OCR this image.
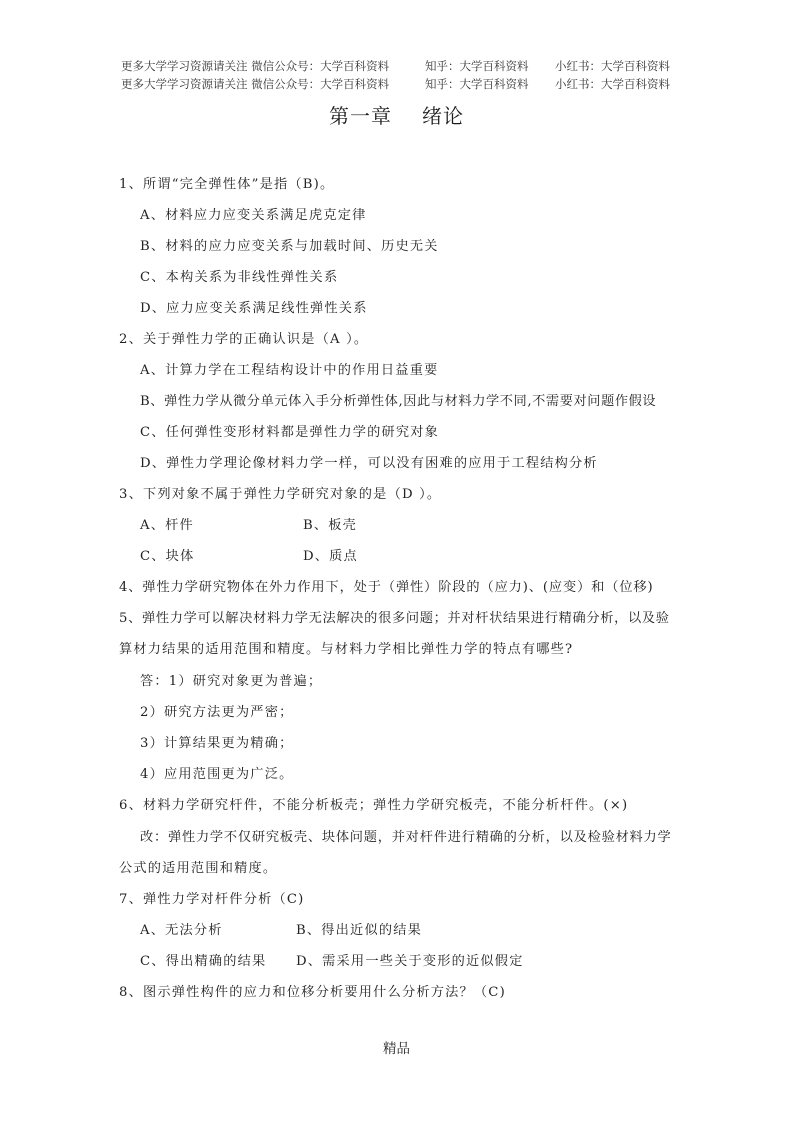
更多大学学习资源请关注 微信公众号：大学百科资料	知乎：大学百科资料 小红书：大学百科资料
更多大学学习资源请关注 微信公众号：大学百科资料	知乎：大学百科资料 小红书：大学百科资料
第一章 绪论
1、所谓“完全弹性体”是指（B)。
A、材料应力应变关系满足虎克定律
B、材料的应力应变关系与加载时间、历史无关
C、本构关系为非线性弹性关系
D、应力应变关系满足线性弹性关系
2、关于弹性力学的正确认识是（A ）。
A、计算力学在工程结构设计中的作用日益重要
B、弹性力学从微分单元体入手分析弹性体,因此与材料力学不同,不需要对问题作假设
C、任何弹性变形材料都是弹性力学的研究对象
D、弹性力学理论像材料力学一样，可以没有困难的应用于工程结构分析
3、下列对象不属于弹性力学研究对象的是（D ）。
A、杆件	B、板壳
C、块体	D、质点
4、弹性力学研究物体在外力作用下，处于（弹性）阶段的（应力)、(应变）和（位移)
5、弹性力学可以解决材料力学无法解决的很多问题；并对杆状结果进行精确分析，以及验
算材力结果的适用范围和精度。与材料力学相比弹性力学的特点有哪些?
答：1）研究对象更为普遍；
2）研究方法更为严密；
3）计算结果更为精确；
4）应用范围更为广泛。
6、材料力学研究杆件，不能分析板壳；弹性力学研究板壳，不能分析杆件。(×)
改：弹性力学不仅研究板壳、块体问题，并对杆件进行精确的分析，以及检验材料力学
公式的适用范围和精度。
7、弹性力学对杆件分析（C)
A、无法分析	B、得出近似的结果
C、得出精确的结果 D、需采用一些关于变形的近似假定
8、图示弹性构件的应力和位移分析要用什么分析方法？（C)
精品
